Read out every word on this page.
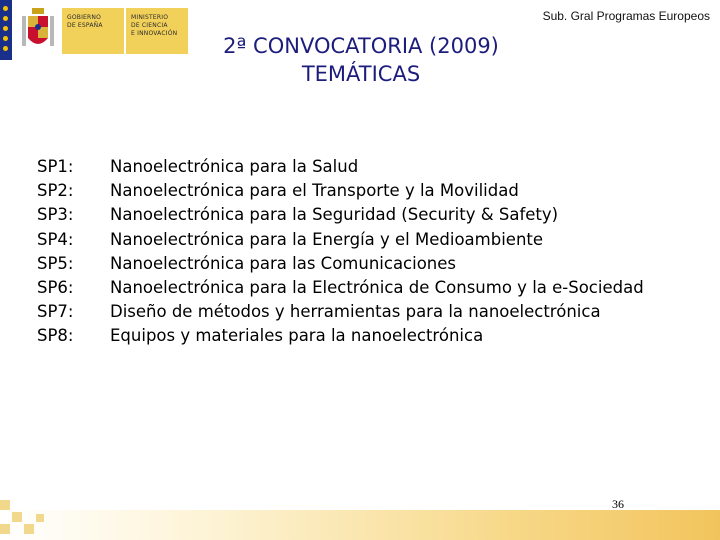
GOBIERNO
DE ESPAÑA
MINISTERIO
DE CIENCIA
E INNOVACIÓN
Sub. Gral Programas Europeos
2ª CONVOCATORIA (2009)
TEMÁTICAS
SP1:
SP2:
SP3:
SP4:
SP5:
SP6:
SP7:
SP8:
Nanoelectrónica para la Salud
Nanoelectrónica para el Transporte y la Movilidad
Nanoelectrónica para la Seguridad (Security & Safety)
Nanoelectrónica para la Energía y el Medioambiente
Nanoelectrónica para las Comunicaciones
Nanoelectrónica para la Electrónica de Consumo y la e-Sociedad
Diseño de métodos y herramientas para la nanoelectrónica
Equipos y materiales para la nanoelectrónica
36
